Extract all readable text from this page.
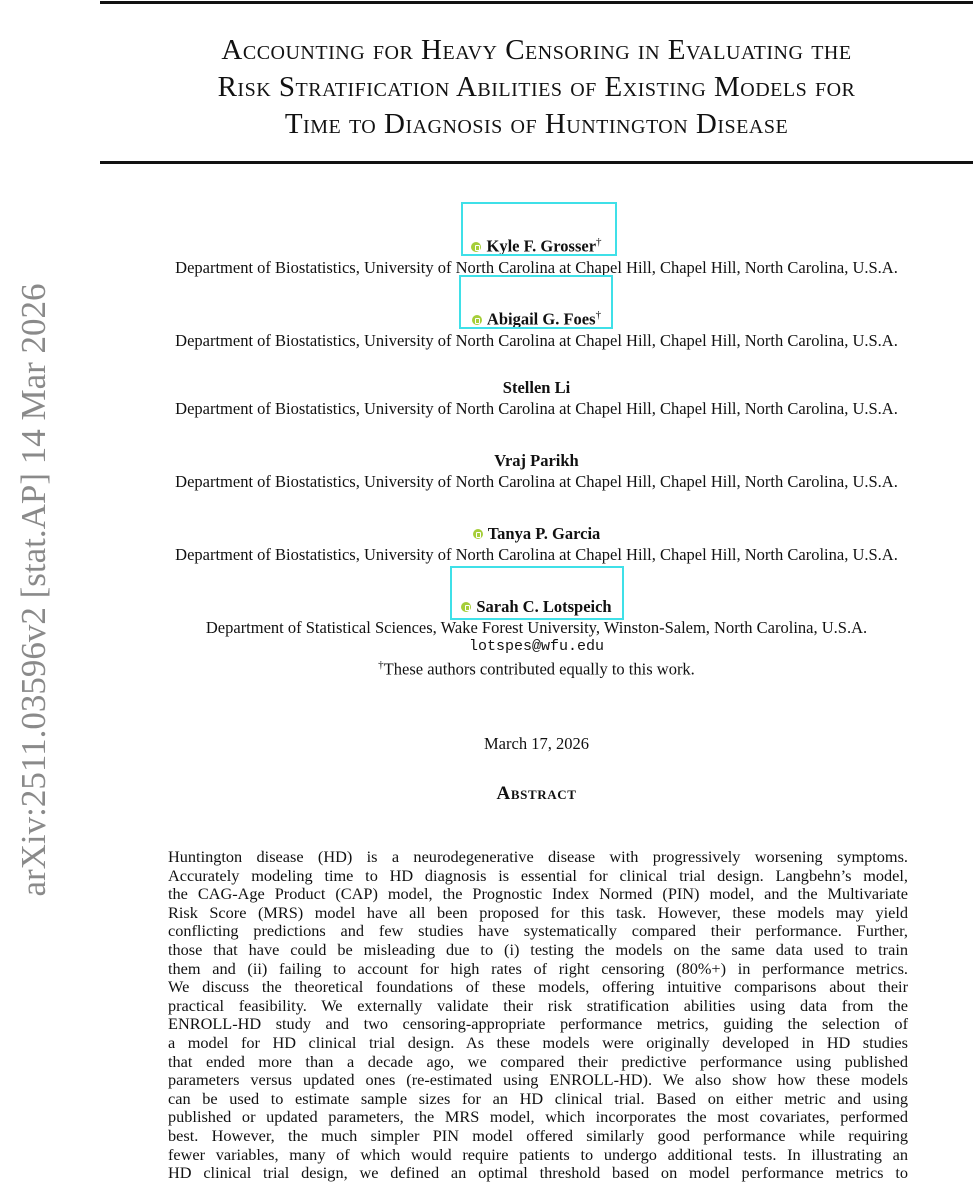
arXiv:2511.03596v2 [stat.AP] 14 Mar 2026
Accounting for Heavy Censoring in Evaluating the
Risk Stratification Abilities of Existing Models for
Time to Diagnosis of Huntington Disease
Kyle F. Grosser†
Department of Biostatistics, University of North Carolina at Chapel Hill, Chapel Hill, North Carolina, U.S.A.
Abigail G. Foes†
Department of Biostatistics, University of North Carolina at Chapel Hill, Chapel Hill, North Carolina, U.S.A.
Stellen Li
Department of Biostatistics, University of North Carolina at Chapel Hill, Chapel Hill, North Carolina, U.S.A.
Vraj Parikh
Department of Biostatistics, University of North Carolina at Chapel Hill, Chapel Hill, North Carolina, U.S.A.
Tanya P. Garcia
Department of Biostatistics, University of North Carolina at Chapel Hill, Chapel Hill, North Carolina, U.S.A.
Sarah C. Lotspeich
Department of Statistical Sciences, Wake Forest University, Winston-Salem, North Carolina, U.S.A.
lotspes@wfu.edu
†These authors contributed equally to this work.
March 17, 2026
Abstract
Huntington disease (HD) is a neurodegenerative disease with progressively worsening symptoms.
Accurately modeling time to HD diagnosis is essential for clinical trial design. Langbehn’s model,
the CAG-Age Product (CAP) model, the Prognostic Index Normed (PIN) model, and the Multivariate
Risk Score (MRS) model have all been proposed for this task. However, these models may yield
conflicting predictions and few studies have systematically compared their performance. Further,
those that have could be misleading due to (i) testing the models on the same data used to train
them and (ii) failing to account for high rates of right censoring (80%+) in performance metrics.
We discuss the theoretical foundations of these models, offering intuitive comparisons about their
practical feasibility. We externally validate their risk stratification abilities using data from the
ENROLL-HD study and two censoring-appropriate performance metrics, guiding the selection of
a model for HD clinical trial design. As these models were originally developed in HD studies
that ended more than a decade ago, we compared their predictive performance using published
parameters versus updated ones (re-estimated using ENROLL-HD). We also show how these models
can be used to estimate sample sizes for an HD clinical trial. Based on either metric and using
published or updated parameters, the MRS model, which incorporates the most covariates, performed
best. However, the much simpler PIN model offered similarly good performance while requiring
fewer variables, many of which would require patients to undergo additional tests. In illustrating an
HD clinical trial design, we defined an optimal threshold based on model performance metrics to
